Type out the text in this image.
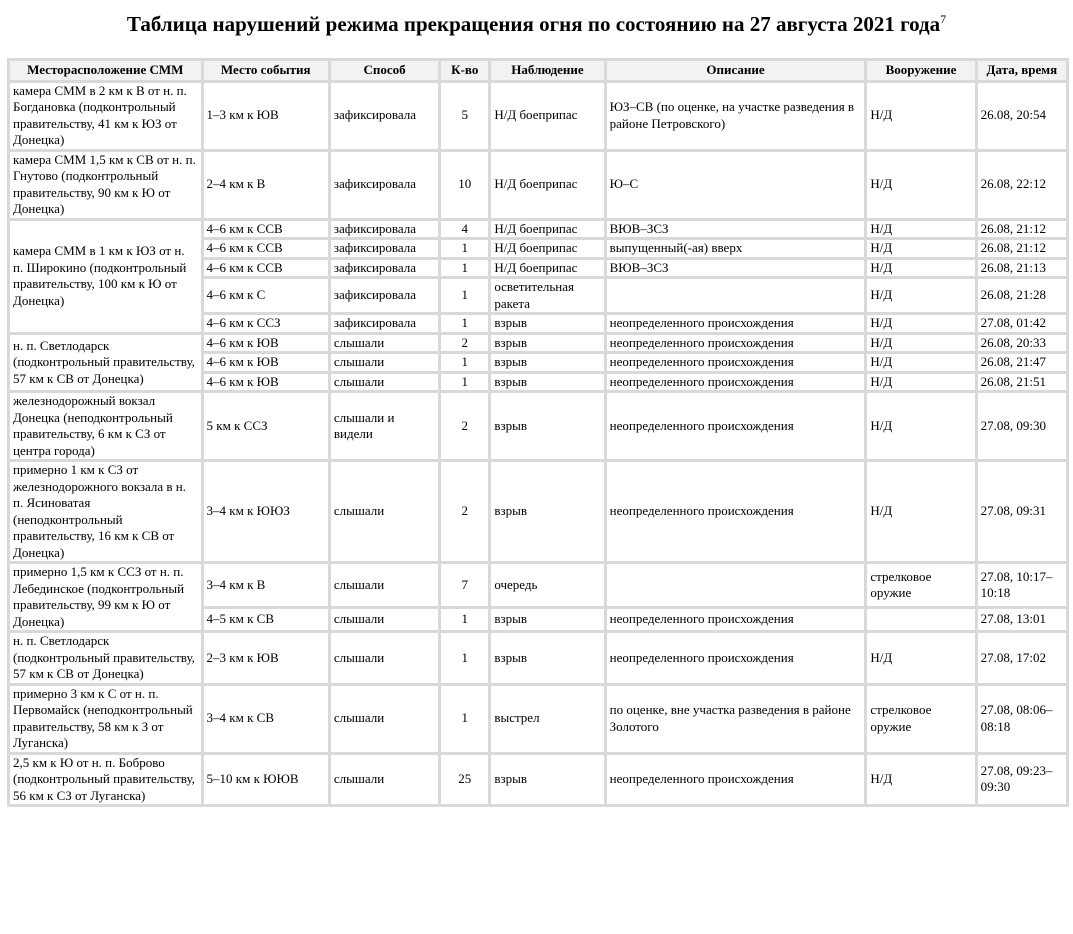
Таблица нарушений режима прекращения огня по состоянию на 27 августа 2021 года$^7$
Месторасположение СММ	Место события	Способ	К-во	Наблюдение	Описание	Вооружение	Дата, время
камера СММ в 2 км к В от н. п. Богдановка (подконтрольный правительству, 41 км к ЮЗ от Донецка)	1–3 км к ЮВ	зафиксировала	5	Н/Д боеприпас	ЮЗ–СВ (по оценке, на участке разведения в районе Петровского)	Н/Д	26.08, 20:54
камера СММ 1,5 км к СВ от н. п. Гнутово (подконтрольный правительству, 90 км к Ю от Донецка)	2–4 км к В	зафиксировала	10	Н/Д боеприпас	Ю–С	Н/Д	26.08, 22:12
камера СММ в 1 км к ЮЗ от н. п. Широкино (подконтрольный правительству, 100 км к Ю от Донецка)	4–6 км к ССВ	зафиксировала	4	Н/Д боеприпас	ВЮВ–ЗСЗ	Н/Д	26.08, 21:12
	4–6 км к ССВ	зафиксировала	1	Н/Д боеприпас	выпущенный(-ая) вверх	Н/Д	26.08, 21:12
	4–6 км к ССВ	зафиксировала	1	Н/Д боеприпас	ВЮВ–ЗСЗ	Н/Д	26.08, 21:13
	4–6 км к С	зафиксировала	1	осветительная ракета		Н/Д	26.08, 21:28
	4–6 км к ССЗ	зафиксировала	1	взрыв	неопределенного происхождения	Н/Д	27.08, 01:42
н. п. Светлодарск (подконтрольный правительству, 57 км к СВ от Донецка)	4–6 км к ЮВ	слышали	2	взрыв	неопределенного происхождения	Н/Д	26.08, 20:33
	4–6 км к ЮВ	слышали	1	взрыв	неопределенного происхождения	Н/Д	26.08, 21:47
	4–6 км к ЮВ	слышали	1	взрыв	неопределенного происхождения	Н/Д	26.08, 21:51
железнодорожный вокзал Донецка (неподконтрольный правительству, 6 км к СЗ от центра города)	5 км к ССЗ	слышали и видели	2	взрыв	неопределенного происхождения	Н/Д	27.08, 09:30
примерно 1 км к СЗ от железнодорожного вокзала в н. п. Ясиноватая (неподконтрольный правительству, 16 км к СВ от Донецка)	3–4 км к ЮЮЗ	слышали	2	взрыв	неопределенного происхождения	Н/Д	27.08, 09:31
примерно 1,5 км к ССЗ от н. п. Лебединское (подконтрольный правительству, 99 км к Ю от Донецка)	3–4 км к В	слышали	7	очередь		стрелковое оружие	27.08, 10:17–10:18
	4–5 км к СВ	слышали	1	взрыв	неопределенного происхождения		27.08, 13:01
н. п. Светлодарск (подконтрольный правительству, 57 км к СВ от Донецка)	2–3 км к ЮВ	слышали	1	взрыв	неопределенного происхождения	Н/Д	27.08, 17:02
примерно 3 км к С от н. п. Первомайск (неподконтрольный правительству, 58 км к З от Луганска)	3–4 км к СВ	слышали	1	выстрел	по оценке, вне участка разведения в районе Золотого	стрелковое оружие	27.08, 08:06–08:18
2,5 км к Ю от н. п. Боброво (подконтрольный правительству, 56 км к СЗ от Луганска)	5–10 км к ЮЮВ	слышали	25	взрыв	неопределенного происхождения	Н/Д	27.08, 09:23–09:30
